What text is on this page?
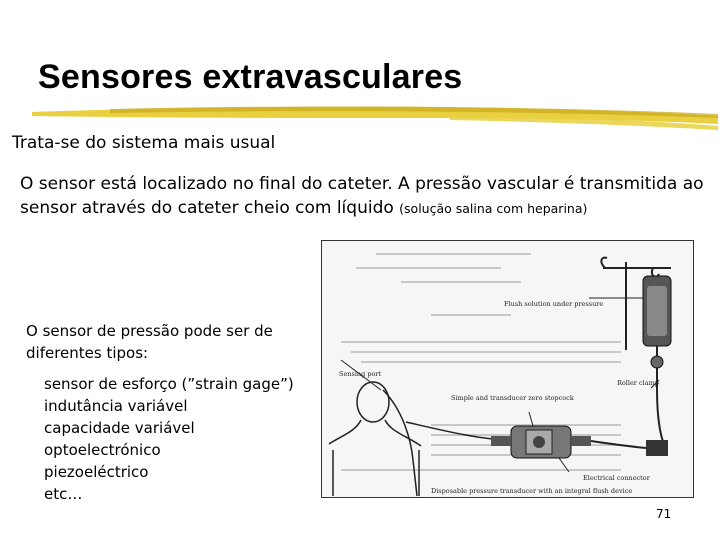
Sensores extravasculares
Trata-se do sistema mais usual
O sensor está localizado no final do cateter. A pressão vascular é transmitida ao sensor através do cateter cheio com líquido (solução salina com heparina)
Flush solution under pressure
Roller clamp
Sensing port
Simple and transducer zero stopcock
Electrical connector
Disposable pressure transducer with an integral flush device
O sensor de pressão pode ser de diferentes tipos:
sensor de esforço (”strain gage”)
indutância variável
capacidade variável
optoelectrónico
piezoeléctrico
etc…
71
